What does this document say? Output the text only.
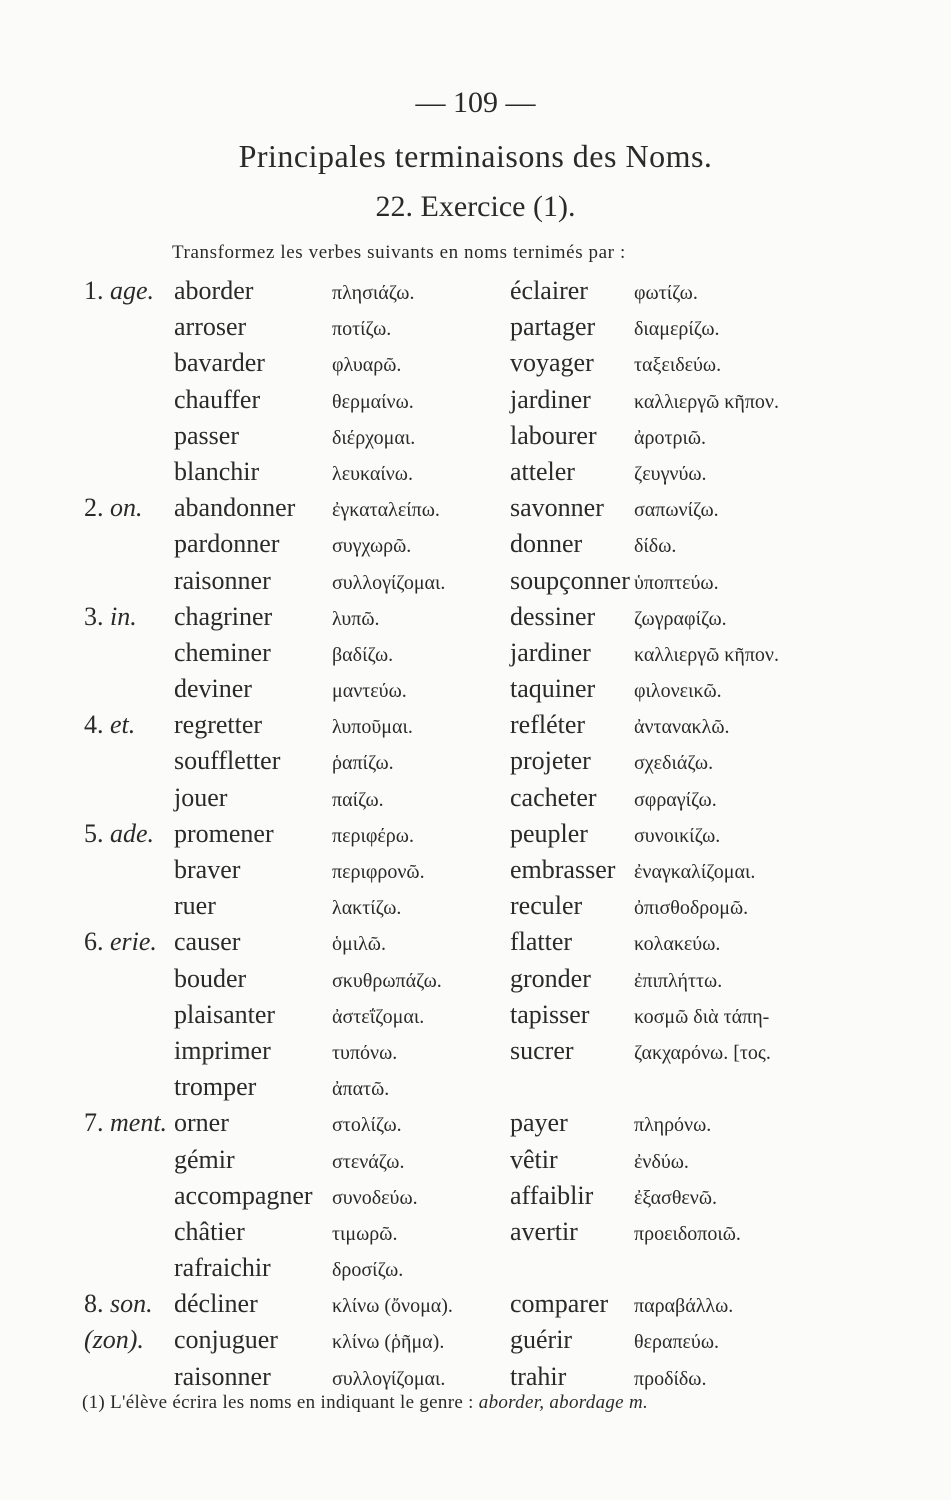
— 109 —
Principales terminaisons des Noms.
22. Exercice (1).
Transformez les verbes suivants en noms ternimés par :
1. age. aborder	πλησιάζω.	éclairer φωτίζω.
arroser	ποτίζω.	partager διαμερίζω.
bavarder	φλυαρῶ.	voyager ταξειδεύω.
chauffer	θερμαίνω.	jardiner καλλιεργῶ κῆπον.
passer	διέρχομαι.	labourer ἀροτριῶ.
blanchir	λευκαίνω.	atteler	ζευγνύω.
2. on. abandonner ἐγκαταλείπω.	savonner σαπωνίζω.
pardonner	συγχωρῶ.	donner	δίδω.
raisonner	συλλογίζομαι. soupçonner ὑποπτεύω.
3. in. chagriner	λυπῶ.	dessiner ζωγραφίζω.
cheminer	βαδίζω.	jardiner καλλιεργῶ κῆπον.
deviner	μαντεύω.	taquiner φιλονεικῶ.
4. et. regretter	λυποῦμαι.	refléter ἀντανακλῶ.
souffletter	ῥαπίζω.	projeter σχεδιάζω.
jouer	παίζω.	cacheter σφραγίζω.
5. ade. promener	περιφέρω.	peupler συνοικίζω.
braver	περιφρονῶ.	embrasser ἐναγκαλίζομαι.
ruer	λακτίζω.	reculer	ὀπισθοδρομῶ.
6. erie. causer	ὁμιλῶ.	flatter	κολακεύω.
bouder	σκυθρωπάζω.	gronder ἐπιπλήττω.
plaisanter	ἀστεΐζομαι.	tapisser κοσμῶ διὰ τάπη-
imprimer	τυπόνω.	sucrer	ζακχαρόνω. [τος.
tromper	ἀπατῶ.
7. ment. orner	στολίζω.	payer	πληρόνω.
gémir	στενάζω.	vêtir	ἐνδύω.
accompagner συνοδεύω.	affaiblir ἐξασθενῶ.
châtier	τιμωρῶ.	avertir	προειδοποιῶ.
rafraichir	δροσίζω.
8. son. décliner	κλίνω (ὄνομα). comparer παραβάλλω.
(zon). conjuguer	κλίνω (ῥῆμα).	guérir	θεραπεύω.
raisonner	συλλογίζομαι. trahir	προδίδω.
(1) L'élève écrira les noms en indiquant le genre : aborder, abordage m.
